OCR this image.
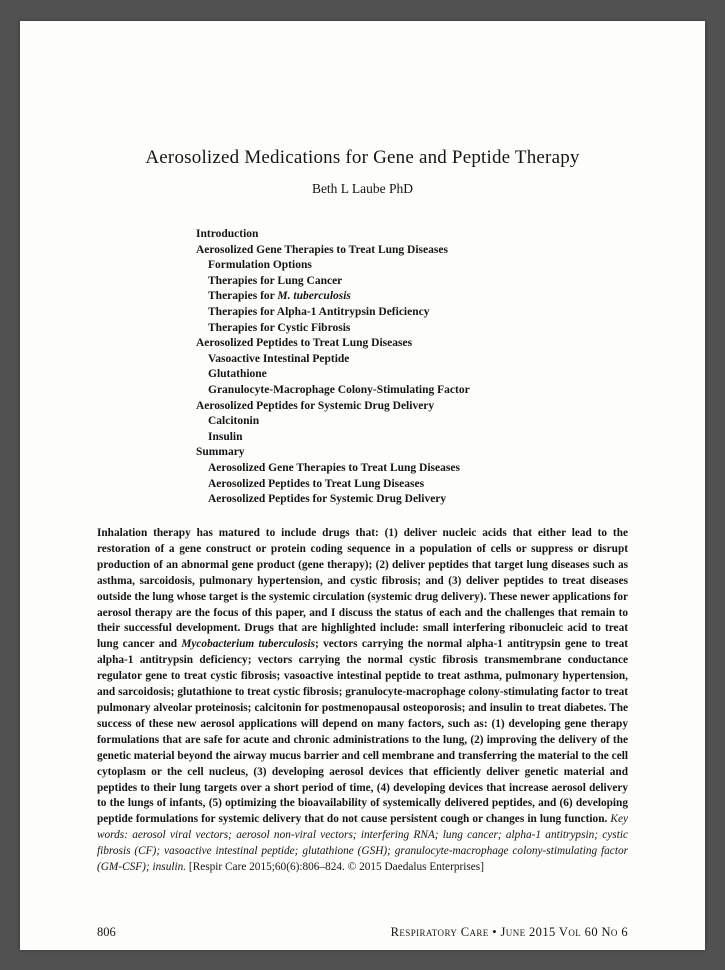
Aerosolized Medications for Gene and Peptide Therapy
Beth L Laube PhD
Introduction
Aerosolized Gene Therapies to Treat Lung Diseases
Formulation Options
Therapies for Lung Cancer
Therapies for M. tuberculosis
Therapies for Alpha-1 Antitrypsin Deficiency
Therapies for Cystic Fibrosis
Aerosolized Peptides to Treat Lung Diseases
Vasoactive Intestinal Peptide
Glutathione
Granulocyte-Macrophage Colony-Stimulating Factor
Aerosolized Peptides for Systemic Drug Delivery
Calcitonin
Insulin
Summary
Aerosolized Gene Therapies to Treat Lung Diseases
Aerosolized Peptides to Treat Lung Diseases
Aerosolized Peptides for Systemic Drug Delivery

Inhalation therapy has matured to include drugs that: (1) deliver nucleic acids that either lead to the restoration of a gene construct or protein coding sequence in a population of cells or suppress or disrupt production of an abnormal gene product (gene therapy); (2) deliver peptides that target lung diseases such as asthma, sarcoidosis, pulmonary hypertension, and cystic fibrosis; and (3) deliver peptides to treat diseases outside the lung whose target is the systemic circulation (systemic drug delivery). These newer applications for aerosol therapy are the focus of this paper, and I discuss the status of each and the challenges that remain to their successful development. Drugs that are highlighted include: small interfering ribonucleic acid to treat lung cancer and Mycobacterium tuberculosis; vectors carrying the normal alpha-1 antitrypsin gene to treat alpha-1 antitrypsin deficiency; vectors carrying the normal cystic fibrosis transmembrane conductance regulator gene to treat cystic fibrosis; vasoactive intestinal peptide to treat asthma, pulmonary hypertension, and sarcoidosis; glutathione to treat cystic fibrosis; granulocyte-macrophage colony-stimulating factor to treat pulmonary alveolar proteinosis; calcitonin for postmenopausal osteoporosis; and insulin to treat diabetes. The success of these new aerosol applications will depend on many factors, such as: (1) developing gene therapy formulations that are safe for acute and chronic administrations to the lung, (2) improving the delivery of the genetic material beyond the airway mucus barrier and cell membrane and transferring the material to the cell cytoplasm or the cell nucleus, (3) developing aerosol devices that efficiently deliver genetic material and peptides to their lung targets over a short period of time, (4) developing devices that increase aerosol delivery to the lungs of infants, (5) optimizing the bioavailability of systemically delivered peptides, and (6) developing peptide formulations for systemic delivery that do not cause persistent cough or changes in lung function. Key words: aerosol viral vectors; aerosol non-viral vectors; interfering RNA; lung cancer; alpha-1 antitrypsin; cystic fibrosis (CF); vasoactive intestinal peptide; glutathione (GSH); granulocyte-macrophage colony-stimulating factor (GM-CSF); insulin. [Respir Care 2015;60(6):806–824. © 2015 Daedalus Enterprises]

806	Respiratory Care • June 2015 Vol 60 No 6
